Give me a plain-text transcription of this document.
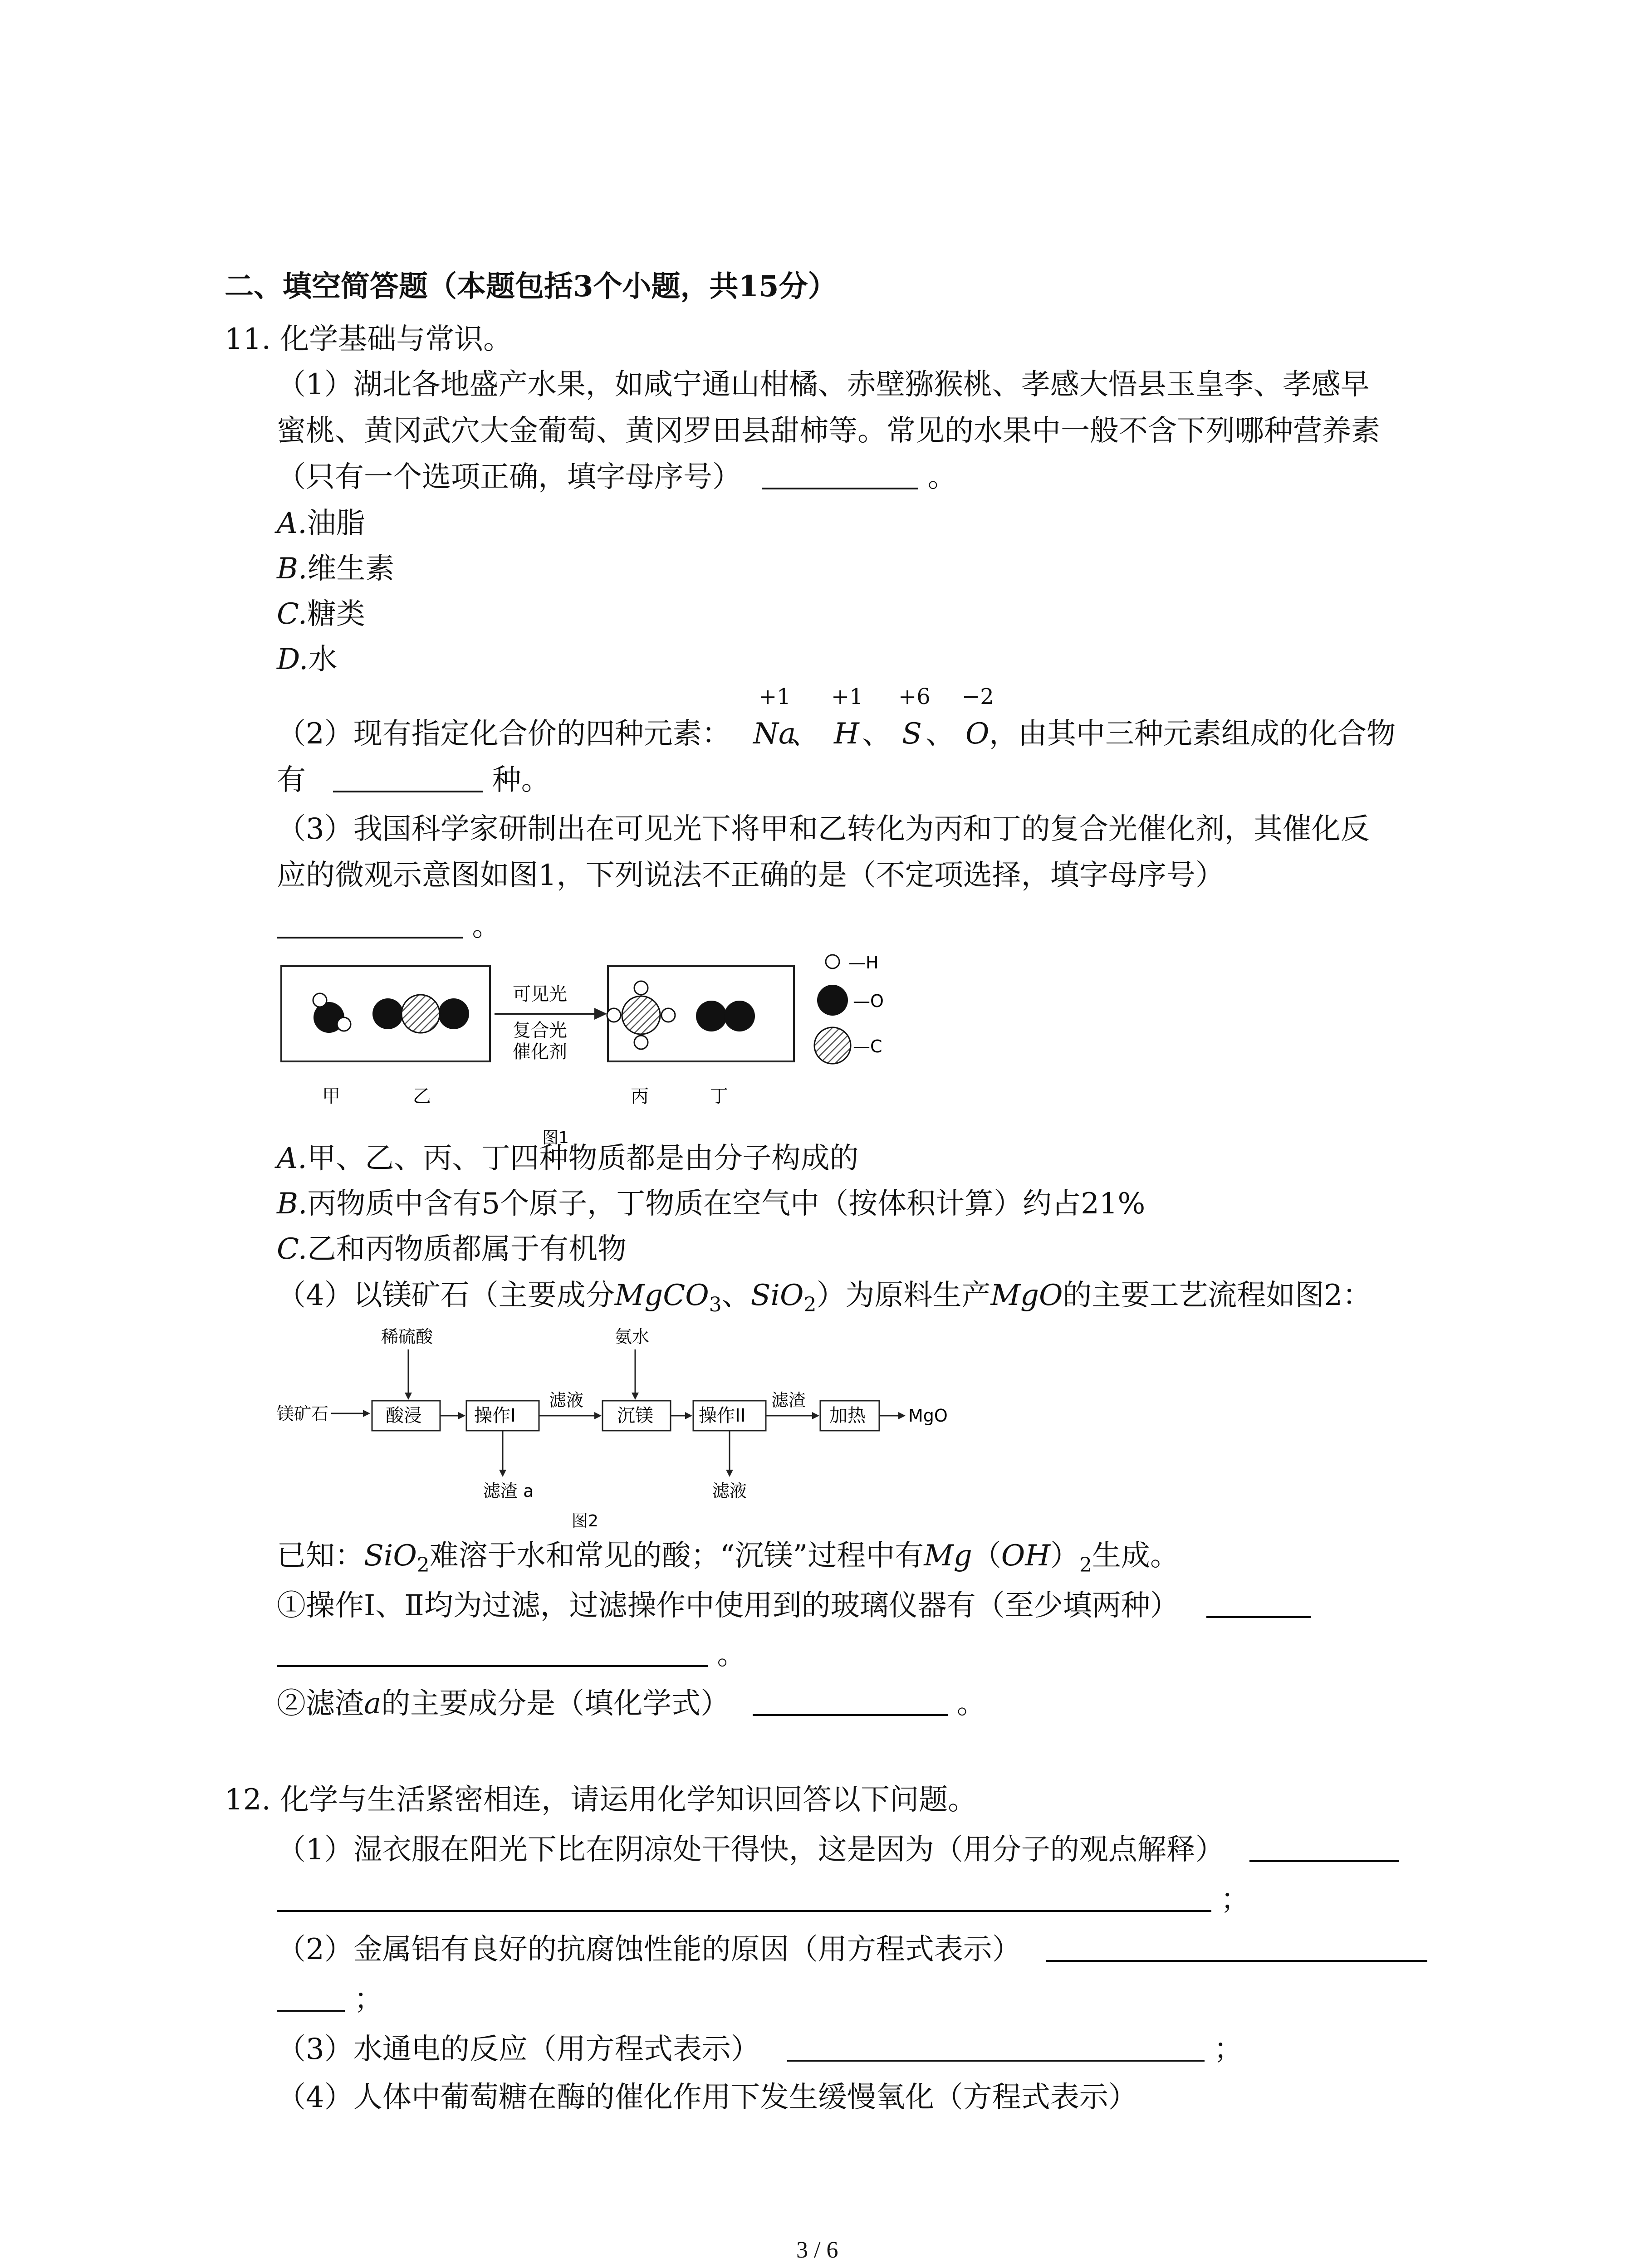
二、填空简答题（本题包括3个小题，共15分）
11. 化学基础与常识。
（1）湖北各地盛产水果，如咸宁通山柑橘、赤壁猕猴桃、孝感大悟县玉皇李、孝感早
蜜桃、黄冈武穴大金葡萄、黄冈罗田县甜柿等。常见的水果中一般不含下列哪种营养素
（只有一个选项正确，填字母序号）	。
A.油脂
B.维生素
C.糖类
D.水
（2）现有指定化合价的四种元素：
+1
Na
、
+1
H 、
+6
S 、
−2
O ，由其中三种元素组成的化合物
有	种。
（3）我国科学家研制出在可见光下将甲和乙转化为丙和丁的复合光催化剂，其催化反
应的微观示意图如图1，下列说法不正确的是（不定项选择，填字母序号）
。
可见光
复合光
催化剂
—H
—O
—C
甲	乙	丙	丁
图1
A.甲、乙、丙、丁四种物质都是由分子构成的
B.丙物质中含有5个原子，丁物质在空气中（按体积计算）约占21%
C.乙和丙物质都属于有机物
（4）以镁矿石（主要成分MgCO$_3$、SiO$_2$）为原料生产MgO的主要工艺流程如图2：
镁矿石
稀硫酸
酸浸	操作I
滤渣 a
滤液
氨水
沉镁	操作II
滤液
滤渣
加热 MgO
图2
已知：SiO$_2$难溶于水和常见的酸；“沉镁”过程中有$Mg(OH)_2$生成。
①操作Ⅰ、Ⅱ均为过滤，过滤操作中使用到的玻璃仪器有（至少填两种）
。
②滤渣a的主要成分是（填化学式）	。
12. 化学与生活紧密相连，请运用化学知识回答以下问题。
（1）湿衣服在阳光下比在阴凉处干得快，这是因为（用分子的观点解释）
；
（2）金属铝有良好的抗腐蚀性能的原因（用方程式表示）
；
（3）水通电的反应（用方程式表示）	；
（4）人体中葡萄糖在酶的催化作用下发生缓慢氧化（方程式表示）
3 / 6
